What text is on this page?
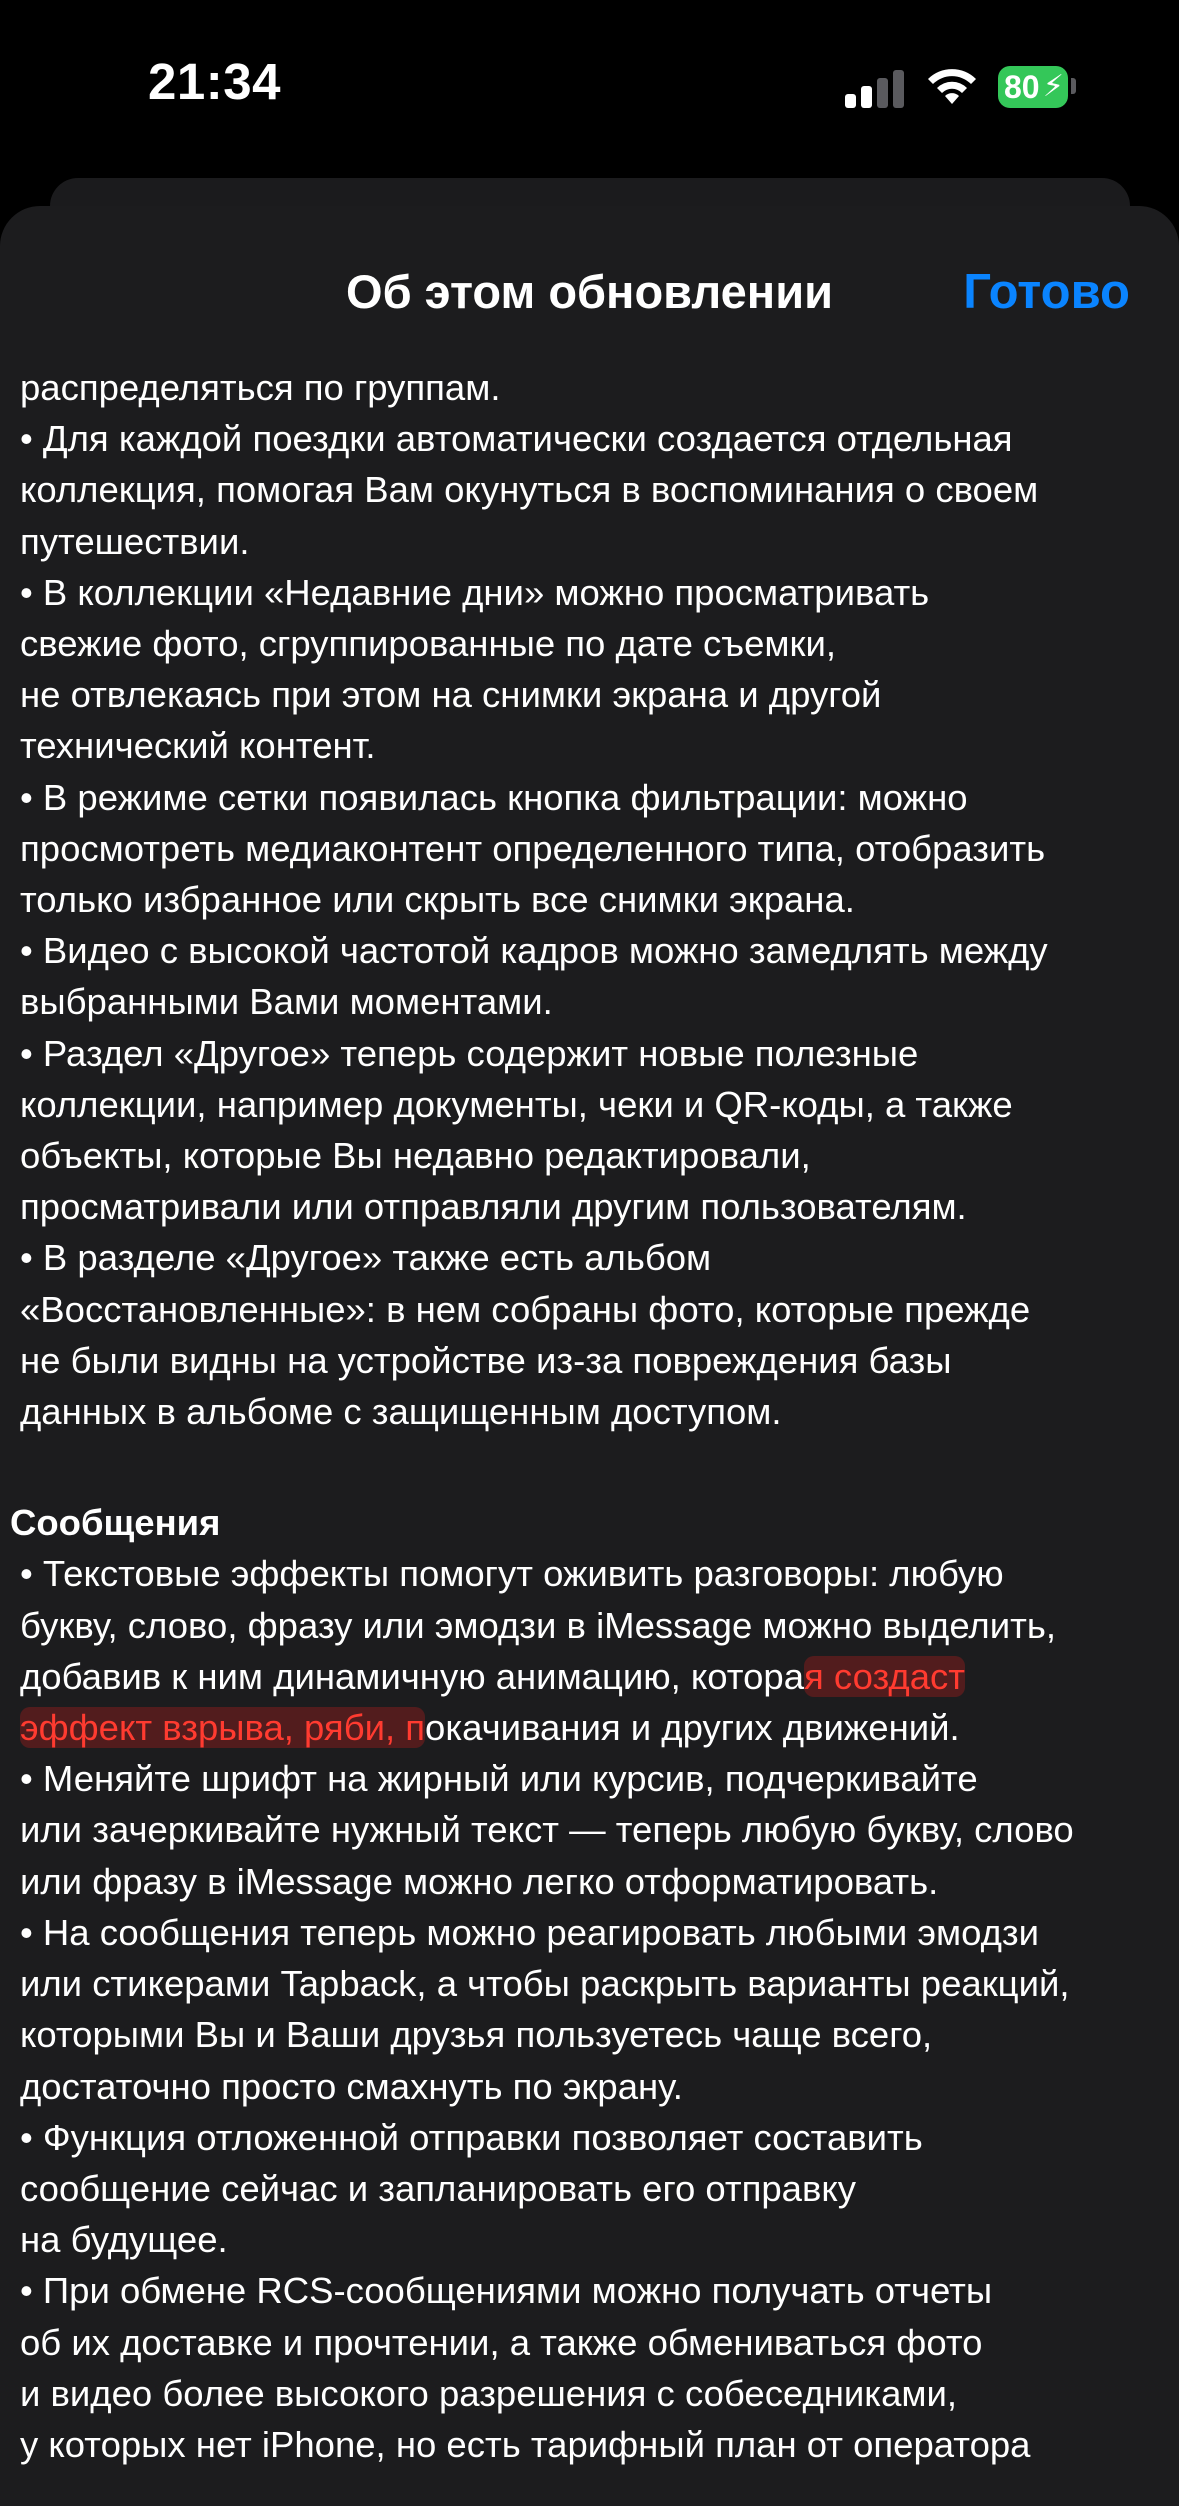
21:34	80 ⚡
Об этом обновлении	Готово

распределяться по группам.

• Для каждой поездки автоматически создается отдельная

коллекция, помогая Вам окунуться в воспоминания о своем

путешествии.

• В коллекции «Недавние дни» можно просматривать

свежие фото, сгруппированные по дате съемки,

не отвлекаясь при этом на снимки экрана и другой

технический контент.

• В режиме сетки появилась кнопка фильтрации: можно

просмотреть медиаконтент определенного типа, отобразить

только избранное или скрыть все снимки экрана.

• Видео с высокой частотой кадров можно замедлять между

выбранными Вами моментами.

• Раздел «Другое» теперь содержит новые полезные

коллекции, например документы, чеки и QR-коды, а также

объекты, которые Вы недавно редактировали,

просматривали или отправляли другим пользователям.

• В разделе «Другое» также есть альбом

«Восстановленные»: в нем собраны фото, которые прежде

не были видны на устройстве из-за повреждения базы

данных в альбоме с защищенным доступом.

Сообщения

• Текстовые эффекты помогут оживить разговоры: любую

букву, слово, фразу или эмодзи в iMessage можно выделить,

добавив к ним динамичную анимацию, которая создаст

эффект взрыва, ряби, покачивания и других движений.

• Меняйте шрифт на жирный или курсив, подчеркивайте

или зачеркивайте нужный текст — теперь любую букву, слово

или фразу в iMessage можно легко отформатировать.

• На сообщения теперь можно реагировать любыми эмодзи

или стикерами Tapback, а чтобы раскрыть варианты реакций,

которыми Вы и Ваши друзья пользуетесь чаще всего,

достаточно просто смахнуть по экрану.

• Функция отложенной отправки позволяет составить

сообщение сейчас и запланировать его отправку

на будущее.

• При обмене RCS-сообщениями можно получать отчеты

об их доставке и прочтении, а также обмениваться фото

и видео более высокого разрешения с собеседниками,

у которых нет iPhone, но есть тарифный план от оператора
